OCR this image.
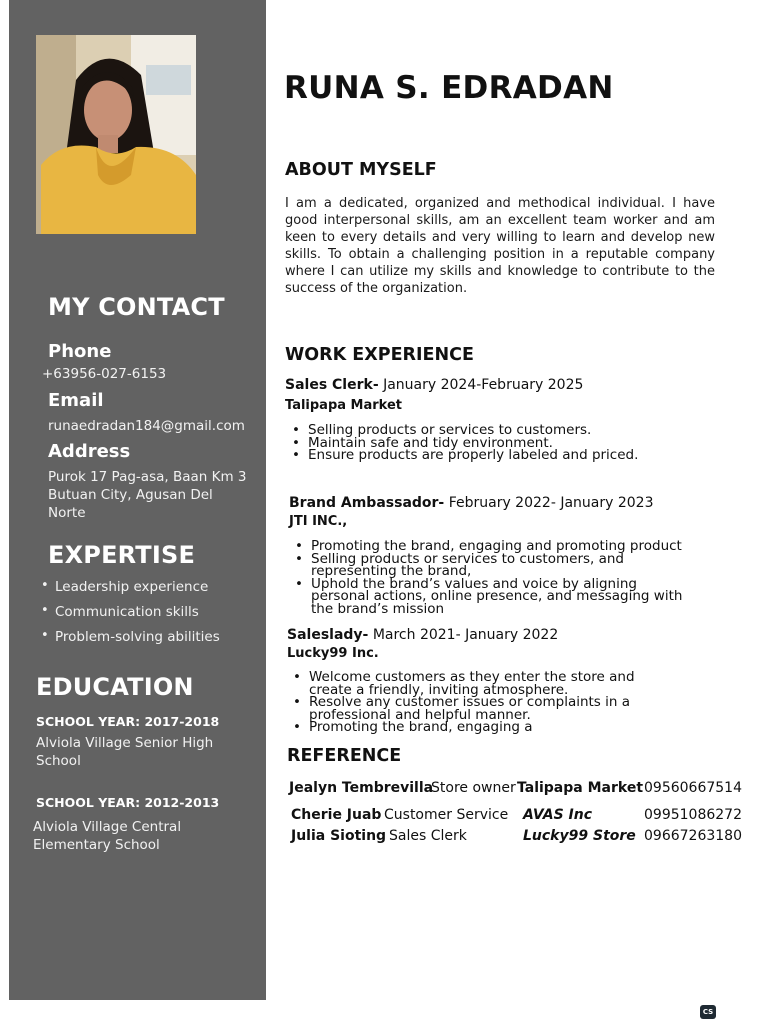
MY CONTACT
Phone
+63956-027-6153
Email
runaedradan184@gmail.com
Address
Purok 17 Pag-asa, Baan Km 3
Butuan City, Agusan Del
Norte
EXPERTISE
• Leadership experience
• Communication skills
• Problem-solving abilities
EDUCATION
SCHOOL YEAR: 2017-2018
Alviola Village Senior High
School
SCHOOL YEAR: 2012-2013
Alviola Village Central
Elementary School
RUNA S. EDRADAN
ABOUT MYSELF
I am a dedicated, organized and methodical individual. I have good interpersonal skills, am an excellent team worker and am keen to every details and very willing to learn and develop new skills. To obtain a challenging position in a reputable company where I can utilize my skills and knowledge to contribute to the success of the organization.
WORK EXPERIENCE
Sales Clerk- January 2024-February 2025
Talipapa Market
• Selling products or services to customers.
• Maintain safe and tidy environment.
• Ensure products are properly labeled and priced.
Brand Ambassador- February 2022- January 2023
JTI INC.,
• Promoting the brand, engaging and promoting product
• Selling products or services to customers, and representing the brand,
• Uphold the brand’s values and voice by aligning personal actions, online presence, and messaging with the brand’s mission
Saleslady- March 2021- January 2022
Lucky99 Inc.
• Welcome customers as they enter the store and create a friendly, inviting atmosphere.
• Resolve any customer issues or complaints in a professional and helpful manner.
• Promoting the brand, engaging a
REFERENCE
Jealyn Tembrevilla
Store owner Talipapa Market 09560667514
Cherie Juab Customer Service AVAS Inc	09951086272
Julia Sioting Sales Clerk	Lucky99 Store 09667263180
CS
